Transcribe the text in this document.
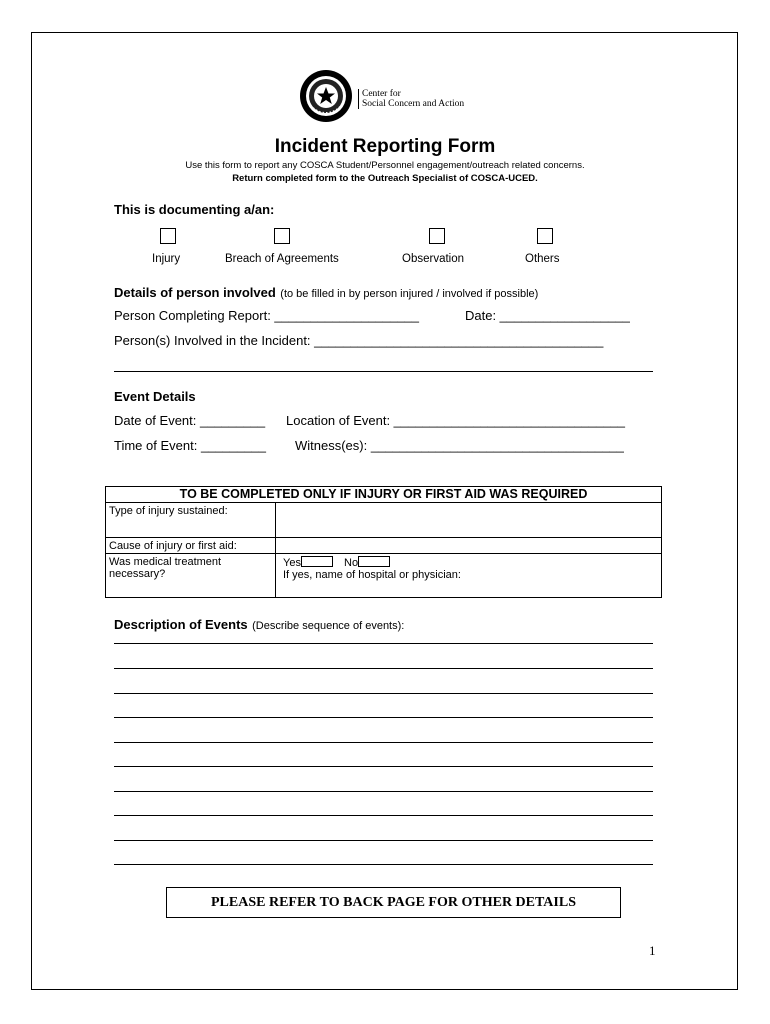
Center for
Social Concern and Action
Incident Reporting Form
Use this form to report any COSCA Student/Personnel engagement/outreach related concerns.
Return completed form to the Outreach Specialist of COSCA-UCED.
This is documenting a/an:
Injury	Breach of Agreements	Observation	Others
Details of person involved (to be filled in by person injured / involved if possible)
Person Completing Report: ____________________	Date: __________________
Person(s) Involved in the Incident: ________________________________________
Event Details
Date of Event: _________ Location of Event: ________________________________
Time of Event: _________ Witness(es): ___________________________________
TO BE COMPLETED ONLY IF INJURY OR FIRST AID WAS REQUIRED
Type of injury sustained:
Cause of injury or first aid:
Was medical treatment
necessary?
Yes	No
If yes, name of hospital or physician:
Description of Events (Describe sequence of events):
PLEASE REFER TO BACK PAGE FOR OTHER DETAILS
1
